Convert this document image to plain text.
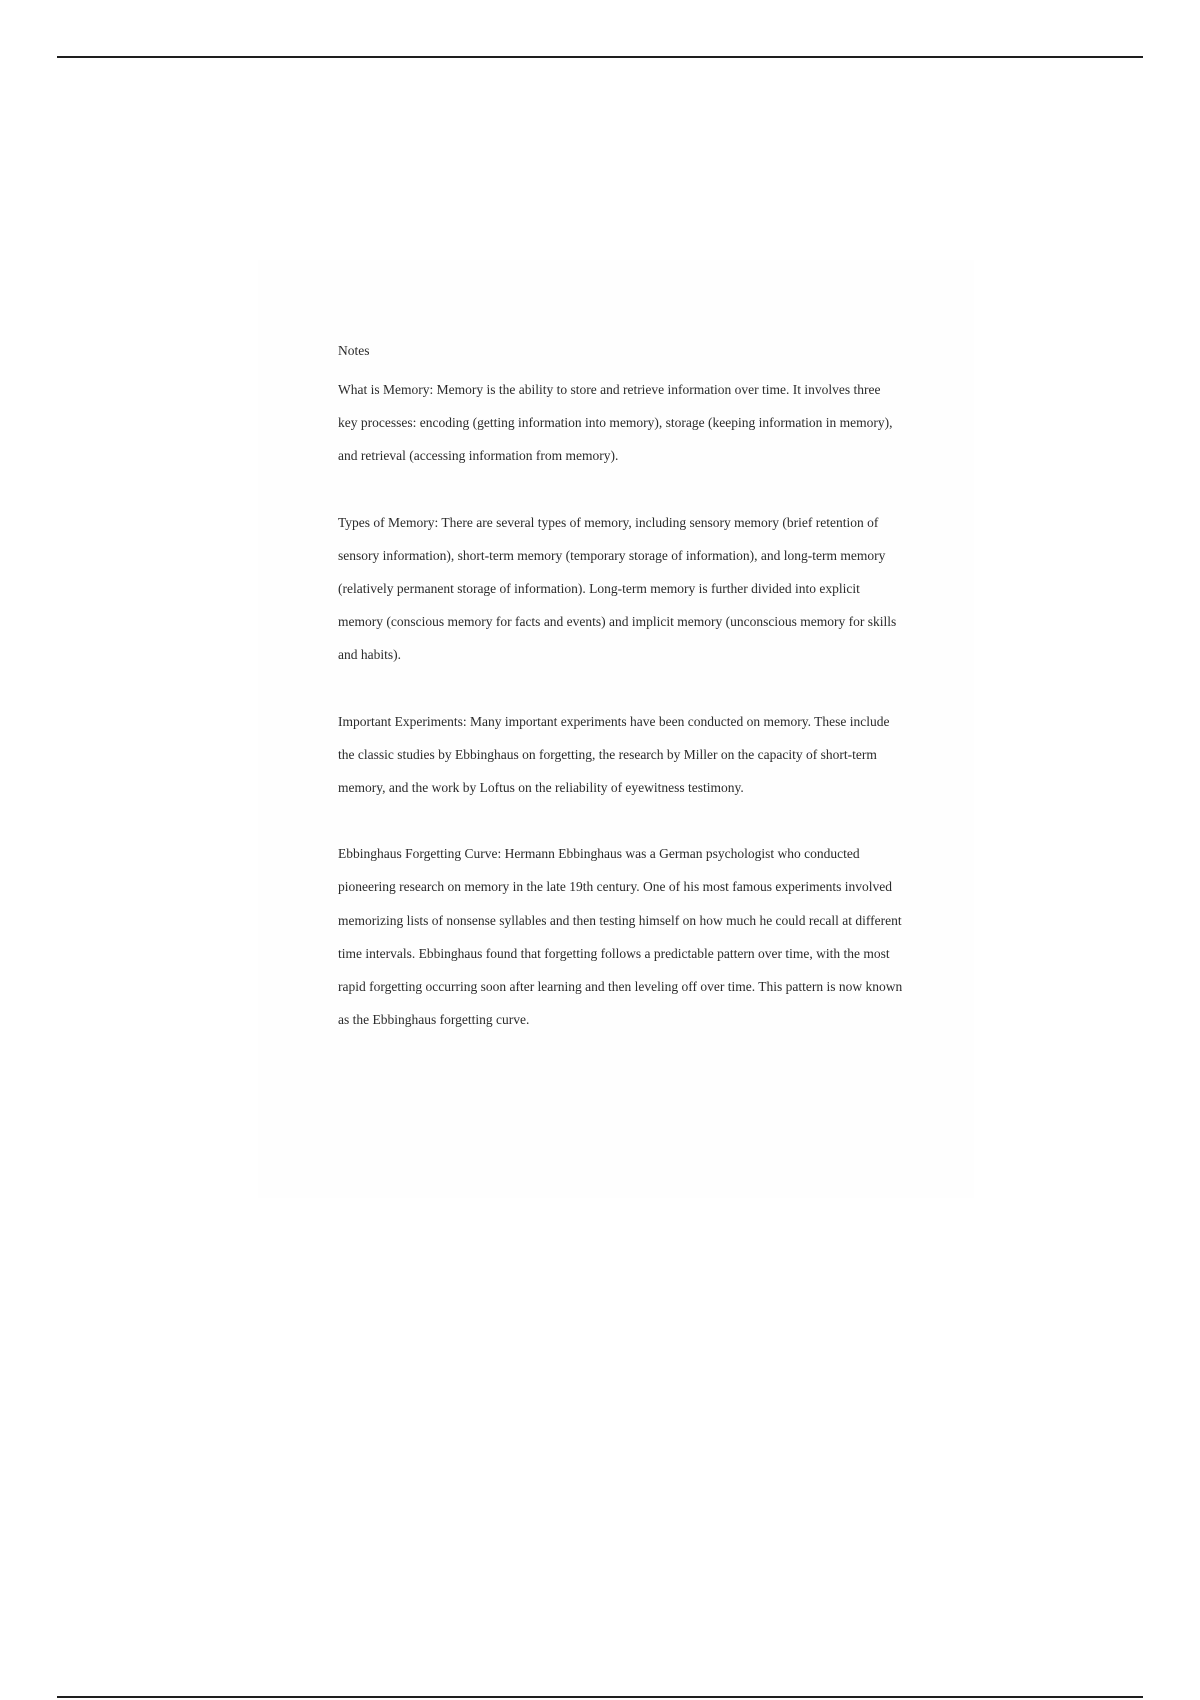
Notes

What is Memory: Memory is the ability to store and retrieve information over time. It involves three key processes: encoding (getting information into memory), storage (keeping information in memory), and retrieval (accessing information from memory).

Types of Memory: There are several types of memory, including sensory memory (brief retention of sensory information), short-term memory (temporary storage of information), and long-term memory (relatively permanent storage of information). Long-term memory is further divided into explicit memory (conscious memory for facts and events) and implicit memory (unconscious memory for skills and habits).

Important Experiments: Many important experiments have been conducted on memory. These include the classic studies by Ebbinghaus on forgetting, the research by Miller on the capacity of short-term memory, and the work by Loftus on the reliability of eyewitness testimony.

Ebbinghaus Forgetting Curve: Hermann Ebbinghaus was a German psychologist who conducted pioneering research on memory in the late 19th century. One of his most famous experiments involved memorizing lists of nonsense syllables and then testing himself on how much he could recall at different time intervals. Ebbinghaus found that forgetting follows a predictable pattern over time, with the most rapid forgetting occurring soon after learning and then leveling off over time. This pattern is now known as the Ebbinghaus forgetting curve.
